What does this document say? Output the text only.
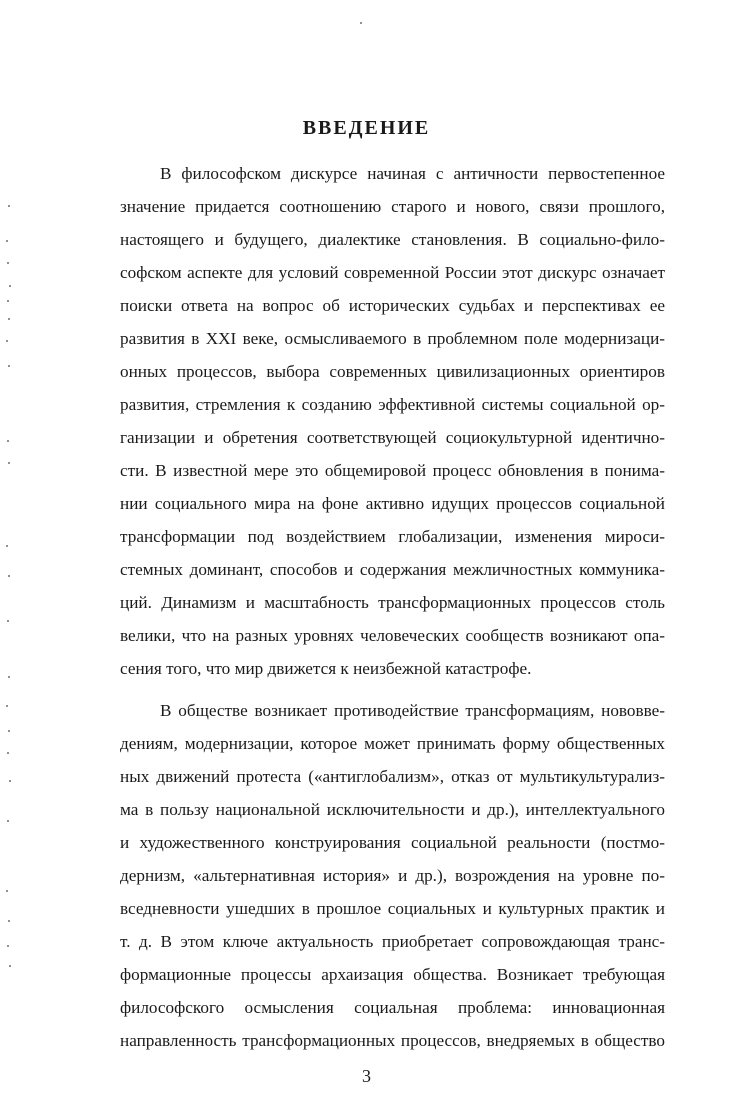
ВВЕДЕНИЕ
В философском дискурсе начиная с античности первостепенное
значение придается соотношению старого и нового, связи прошлого,
настоящего и будущего, диалектике становления. В социально-фило-
софском аспекте для условий современной России этот дискурс означает
поиски ответа на вопрос об исторических судьбах и перспективах ее
развития в XXI веке, осмысливаемого в проблемном поле модернизаци-
онных процессов, выбора современных цивилизационных ориентиров
развития, стремления к созданию эффективной системы социальной ор-
ганизации и обретения соответствующей социокультурной идентично-
сти. В известной мере это общемировой процесс обновления в понима-
нии социального мира на фоне активно идущих процессов социальной
трансформации под воздействием глобализации, изменения мироси-
стемных доминант, способов и содержания межличностных коммуника-
ций. Динамизм и масштабность трансформационных процессов столь
велики, что на разных уровнях человеческих сообществ возникают опа-
сения того, что мир движется к неизбежной катастрофе.
В обществе возникает противодействие трансформациям, нововве-
дениям, модернизации, которое может принимать форму общественных
ных движений протеста («антиглобализм», отказ от мультикультурализ-
ма в пользу национальной исключительности и др.), интеллектуального
и художественного конструирования социальной реальности (постмо-
дернизм, «альтернативная история» и др.), возрождения на уровне по-
вседневности ушедших в прошлое социальных и культурных практик и
т. д. В этом ключе актуальность приобретает сопровождающая транс-
формационные процессы архаизация общества. Возникает требующая
философского осмысления социальная проблема: инновационная
направленность трансформационных процессов, внедряемых в общество
3
